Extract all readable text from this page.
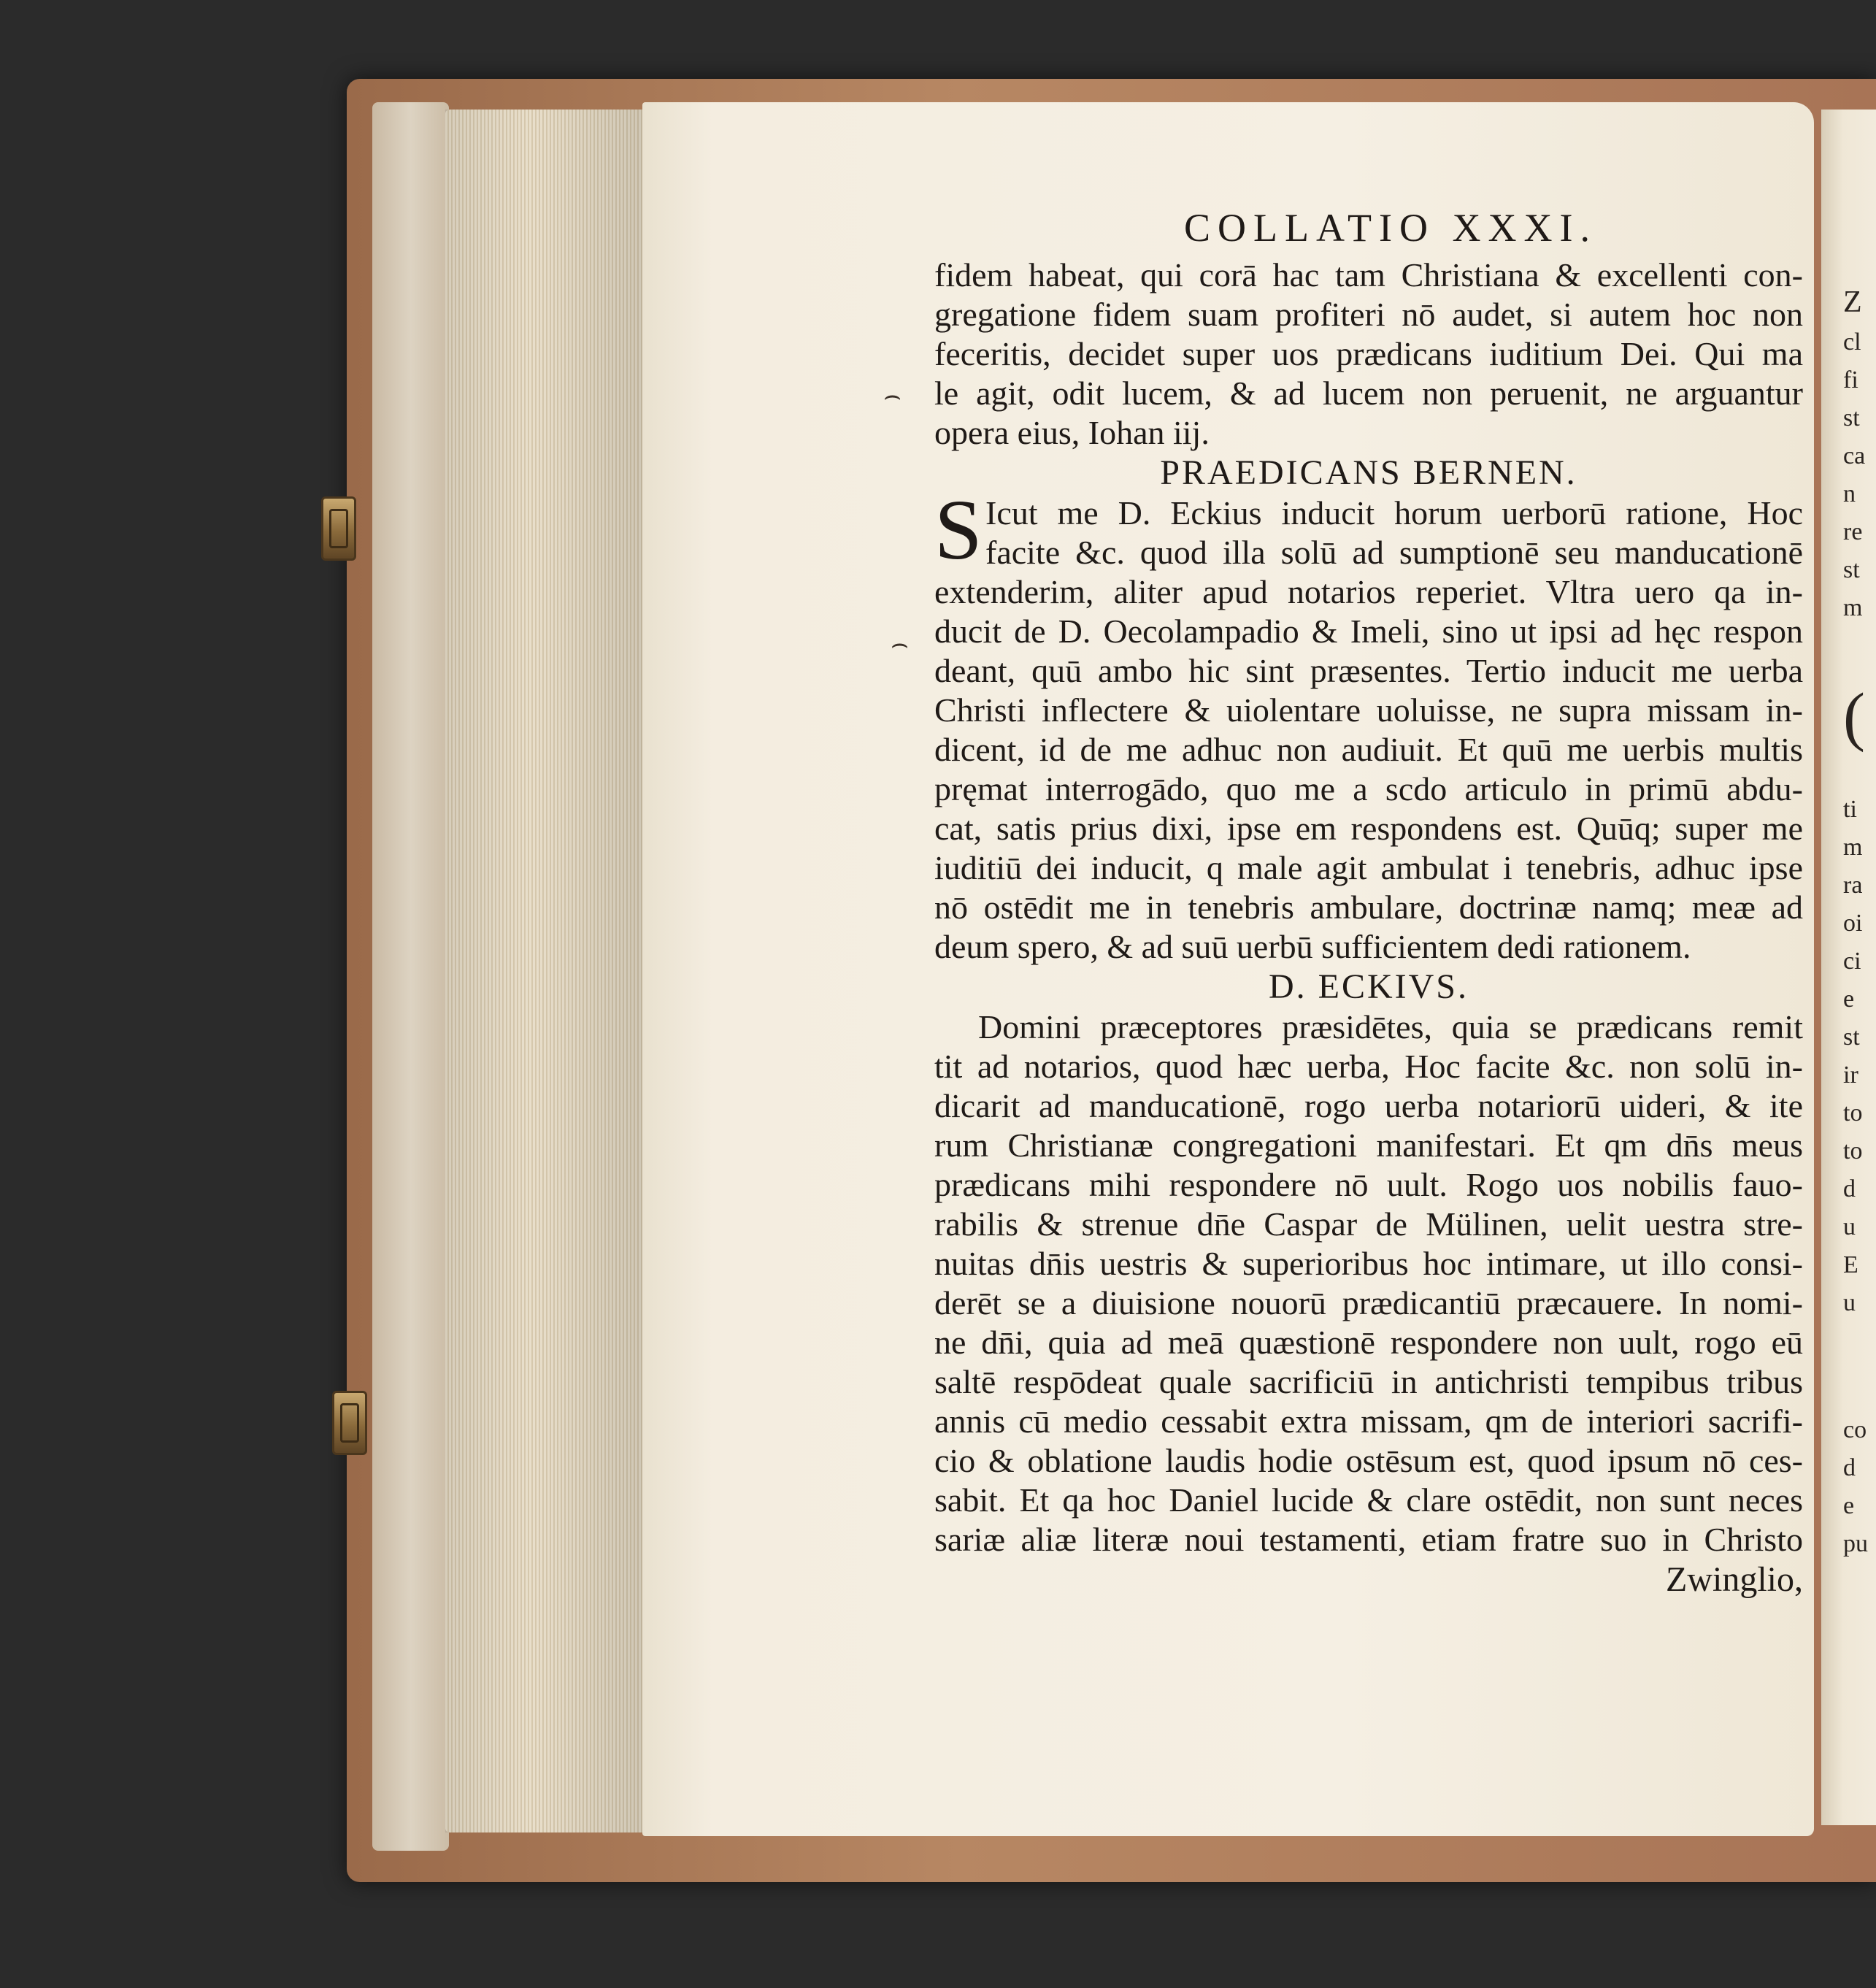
Z
cl
fi
st
ca
n
re
st
m
(
ti
m
ra
oi
ci
e
st
ir
to
to
d
u
E
u
co
d
e
pu
⌢
⌢
COLLATIO XXXI.
fidem habeat, qui corā hac tam Christiana & excellenti con-
gregatione fidem suam profiteri nō audet, si autem hoc non
feceritis, decidet super uos prædicans iuditium Dei. Qui ma
le agit, odit lucem, & ad lucem non peruenit, ne arguantur
opera eius, Iohan iij.
PRAEDICANS BERNEN.
S Icut me D. Eckius inducit horum uerborū ratione, Hoc
facite &c. quod illa solū ad sumptionē seu manducationē
extenderim, aliter apud notarios reperiet. Vltra uero qa in-
ducit de D. Oecolampadio & Imeli, sino ut ipsi ad hęc respon
deant, quū ambo hic sint præsentes. Tertio inducit me uerba
Christi inflectere & uiolentare uoluisse, ne supra missam in-
dicent, id de me adhuc non audiuit. Et quū me uerbis multis
pręmat interrogādo, quo me a scdo articulo in primū abdu-
cat, satis prius dixi, ipse em respondens est. Quūq; super me
iuditiū dei inducit, q male agit ambulat i tenebris, adhuc ipse
nō ostēdit me in tenebris ambulare, doctrinæ namq; meæ ad
deum spero, & ad suū uerbū sufficientem dedi rationem.
D. ECKIVS.
Domini præceptores præsidētes, quia se prædicans remit
tit ad notarios, quod hæc uerba, Hoc facite &c. non solū in-
dicarit ad manducationē, rogo uerba notariorū uideri, & ite
rum Christianæ congregationi manifestari. Et qm dn̄s meus
prædicans mihi respondere nō uult. Rogo uos nobilis fauo-
rabilis & strenue dn̄e Caspar de Mülinen, uelit uestra stre-
nuitas dn̄is uestris & superioribus hoc intimare, ut illo consi-
derēt se a diuisione nouorū prædicantiū præcauere. In nomi-
ne dn̄i, quia ad meā quæstionē respondere non uult, rogo eū
saltē respōdeat quale sacrificiū in antichristi tempibus tribus
annis cū medio cessabit extra missam, qm de interiori sacrifi-
cio & oblatione laudis hodie ostēsum est, quod ipsum nō ces-
sabit. Et qa hoc Daniel lucide & clare ostēdit, non sunt neces
sariæ aliæ literæ noui testamenti, etiam fratre suo in Christo
Zwinglio,
